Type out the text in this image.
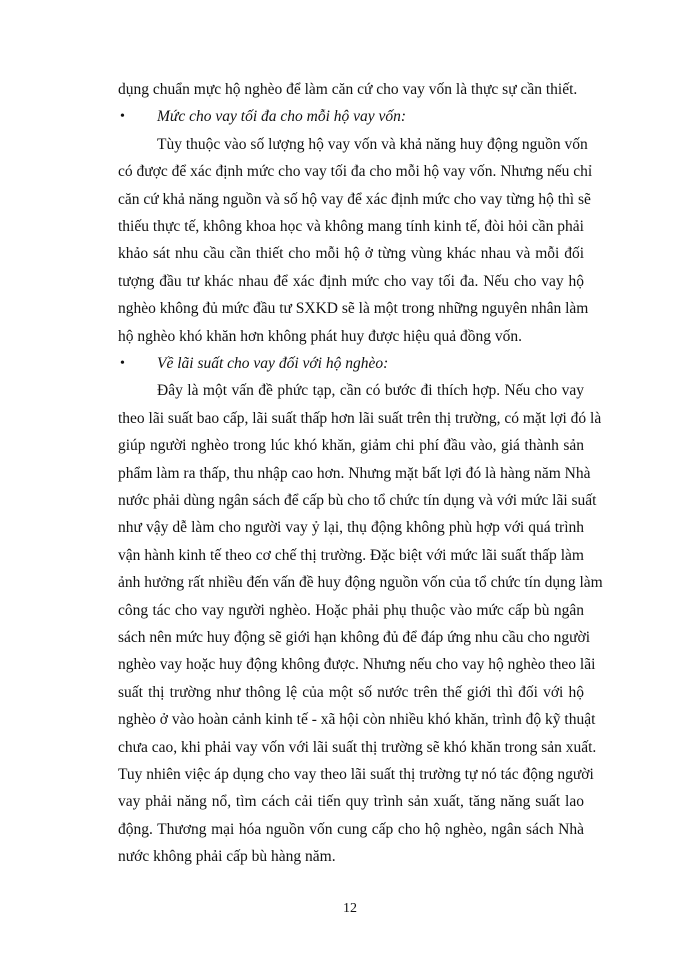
dụng chuẩn mực hộ nghèo để làm căn cứ cho vay vốn là thực sự cần thiết.
• Mức cho vay tối đa cho mỗi hộ vay vốn:
Tùy thuộc vào số lượng hộ vay vốn và khả năng huy động nguồn vốn
có được để xác định mức cho vay tối đa cho mỗi hộ vay vốn. Nhưng nếu chỉ
căn cứ khả năng nguồn và số hộ vay để xác định mức cho vay từng hộ thì sẽ
thiếu thực tế, không khoa học và không mang tính kinh tế, đòi hỏi cần phải
khảo sát nhu cầu cần thiết cho mỗi hộ ở từng vùng khác nhau và mỗi đối
tượng đầu tư khác nhau để xác định mức cho vay tối đa. Nếu cho vay hộ
nghèo không đủ mức đầu tư SXKD sẽ là một trong những nguyên nhân làm
hộ nghèo khó khăn hơn không phát huy được hiệu quả đồng vốn.
• Về lãi suất cho vay đối với hộ nghèo:
Đây là một vấn đề phức tạp, cần có bước đi thích hợp. Nếu cho vay
theo lãi suất bao cấp, lãi suất thấp hơn lãi suất trên thị trường, có mặt lợi đó là
giúp người nghèo trong lúc khó khăn, giảm chi phí đầu vào, giá thành sản
phẩm làm ra thấp, thu nhập cao hơn. Nhưng mặt bất lợi đó là hàng năm Nhà
nước phải dùng ngân sách để cấp bù cho tổ chức tín dụng và với mức lãi suất
như vậy dễ làm cho người vay ỷ lại, thụ động không phù hợp với quá trình
vận hành kinh tế theo cơ chế thị trường. Đặc biệt với mức lãi suất thấp làm
ảnh hưởng rất nhiều đến vấn đề huy động nguồn vốn của tổ chức tín dụng làm
công tác cho vay người nghèo. Hoặc phải phụ thuộc vào mức cấp bù ngân
sách nên mức huy động sẽ giới hạn không đủ để đáp ứng nhu cầu cho người
nghèo vay hoặc huy động không được. Nhưng nếu cho vay hộ nghèo theo lãi
suất thị trường như thông lệ của một số nước trên thế giới thì đối với hộ
nghèo ở vào hoàn cảnh kinh tế - xã hội còn nhiều khó khăn, trình độ kỹ thuật
chưa cao, khi phải vay vốn với lãi suất thị trường sẽ khó khăn trong sản xuất.
Tuy nhiên việc áp dụng cho vay theo lãi suất thị trường tự nó tác động người
vay phải năng nổ, tìm cách cải tiến quy trình sản xuất, tăng năng suất lao
động. Thương mại hóa nguồn vốn cung cấp cho hộ nghèo, ngân sách Nhà
nước không phải cấp bù hàng năm.
12
